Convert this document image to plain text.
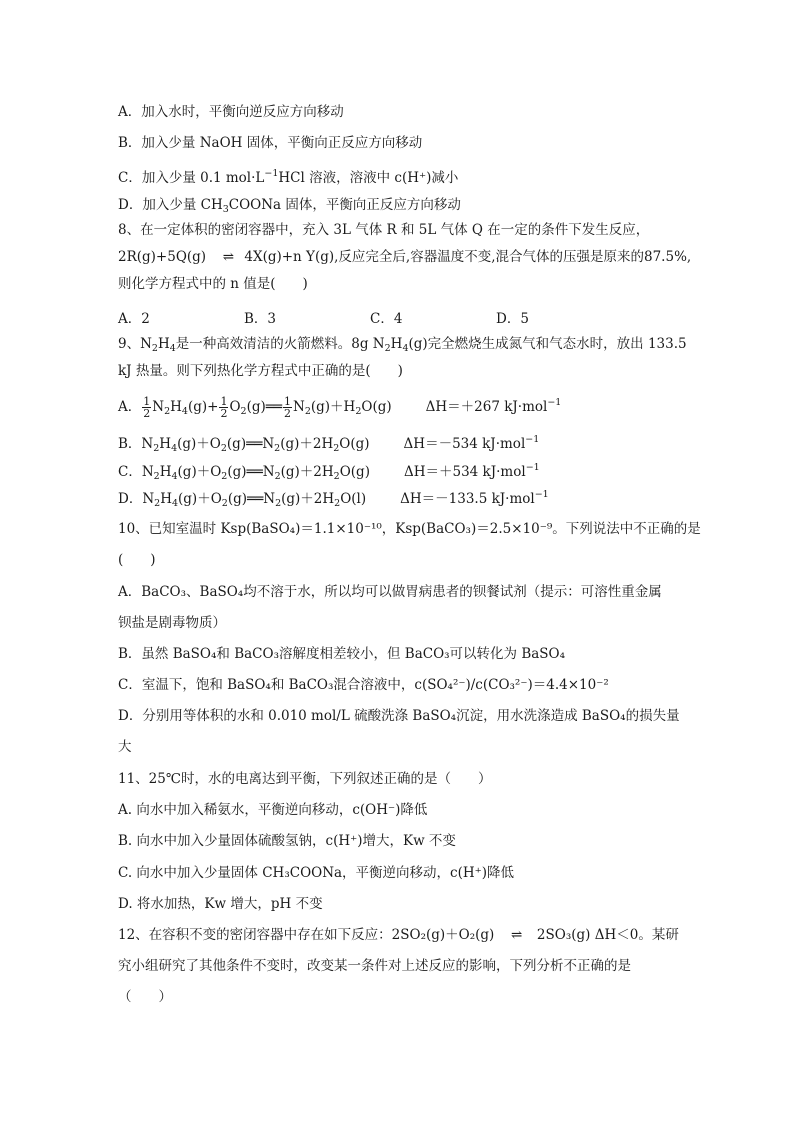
A．加入水时，平衡向逆反应方向移动
B．加入少量 NaOH 固体，平衡向正反应方向移动
C．加入少量 0.1 $mol\cdot L^{-1}HCl$ 溶液，溶液中 c(H⁺)减小
D．加入少量 $CH_3COONa$ 固体，平衡向正反应方向移动
8、在一定体积的密闭容器中，充入 3L 气体 R 和 5L 气体 Q 在一定的条件下发生反应，
2R(g)+5Q(g) ⇌ 4X(g)+n Y(g),反应完全后,容器温度不变,混合气体的压强是原来的87.5%,
则化学方程式中的 n 值是(　　)
A．2	B．3	C．4	D．5
9、$N_2H_4$是一种高效清洁的火箭燃料。8g $N_2H_4(g)$完全燃烧生成氮气和气态水时，放出 133.5
kJ 热量。则下列热化学方程式中正确的是(　　)
A． $\frac{1}{2} N_2H_4(g)+ \frac{1}{2}$ $O_2(g)══ \frac{1}{2} N_2(g)+H_2O(g)$	ΔH＝＋267 kJ·mol$^{-1}$
B．$N_2H_4(g)+O_2(g)══N_2(g)+2H_2O(g)$	ΔH＝－534 kJ·mol$^{-1}$
C．$N_2H_4(g)+O_2(g)══N_2(g)+2H_2O(g)$	ΔH＝＋534 kJ·mol$^{-1}$
D．$N_2H_4(g)+O_2(g)══N_2(g)+2H_2O(l)$	ΔH＝－133.5 kJ·mol$^{-1}$
10、已知室温时 Ksp(BaSO₄)＝1.1×10⁻¹⁰，Ksp(BaCO₃)＝2.5×10⁻⁹。下列说法中不正确的是
(　　)
A．BaCO₃、BaSO₄均不溶于水，所以均可以做胃病患者的钡餐试剂（提示：可溶性重金属
钡盐是剧毒物质）
B．虽然 BaSO₄和 BaCO₃溶解度相差较小，但 BaCO₃可以转化为 BaSO₄
C．室温下，饱和 BaSO₄和 BaCO₃混合溶液中，c(SO₄²⁻)/c(CO₃²⁻)＝4.4×10⁻²
D．分别用等体积的水和 0.010 mol/L 硫酸洗涤 BaSO₄沉淀，用水洗涤造成 BaSO₄的损失量
大
11、25℃时，水的电离达到平衡，下列叙述正确的是（　　）
A. 向水中加入稀氨水，平衡逆向移动，c(OH⁻)降低
B. 向水中加入少量固体硫酸氢钠，c(H⁺)增大，Kw 不变
C. 向水中加入少量固体 CH₃COONa，平衡逆向移动，c(H⁺)降低
D. 将水加热，Kw 增大，pH 不变
12、在容积不变的密闭容器中存在如下反应：2SO₂(g)＋O₂(g) ⇌ 2SO₃(g) ΔH＜0。某研
究小组研究了其他条件不变时，改变某一条件对上述反应的影响，下列分析不正确的是
（　　）
